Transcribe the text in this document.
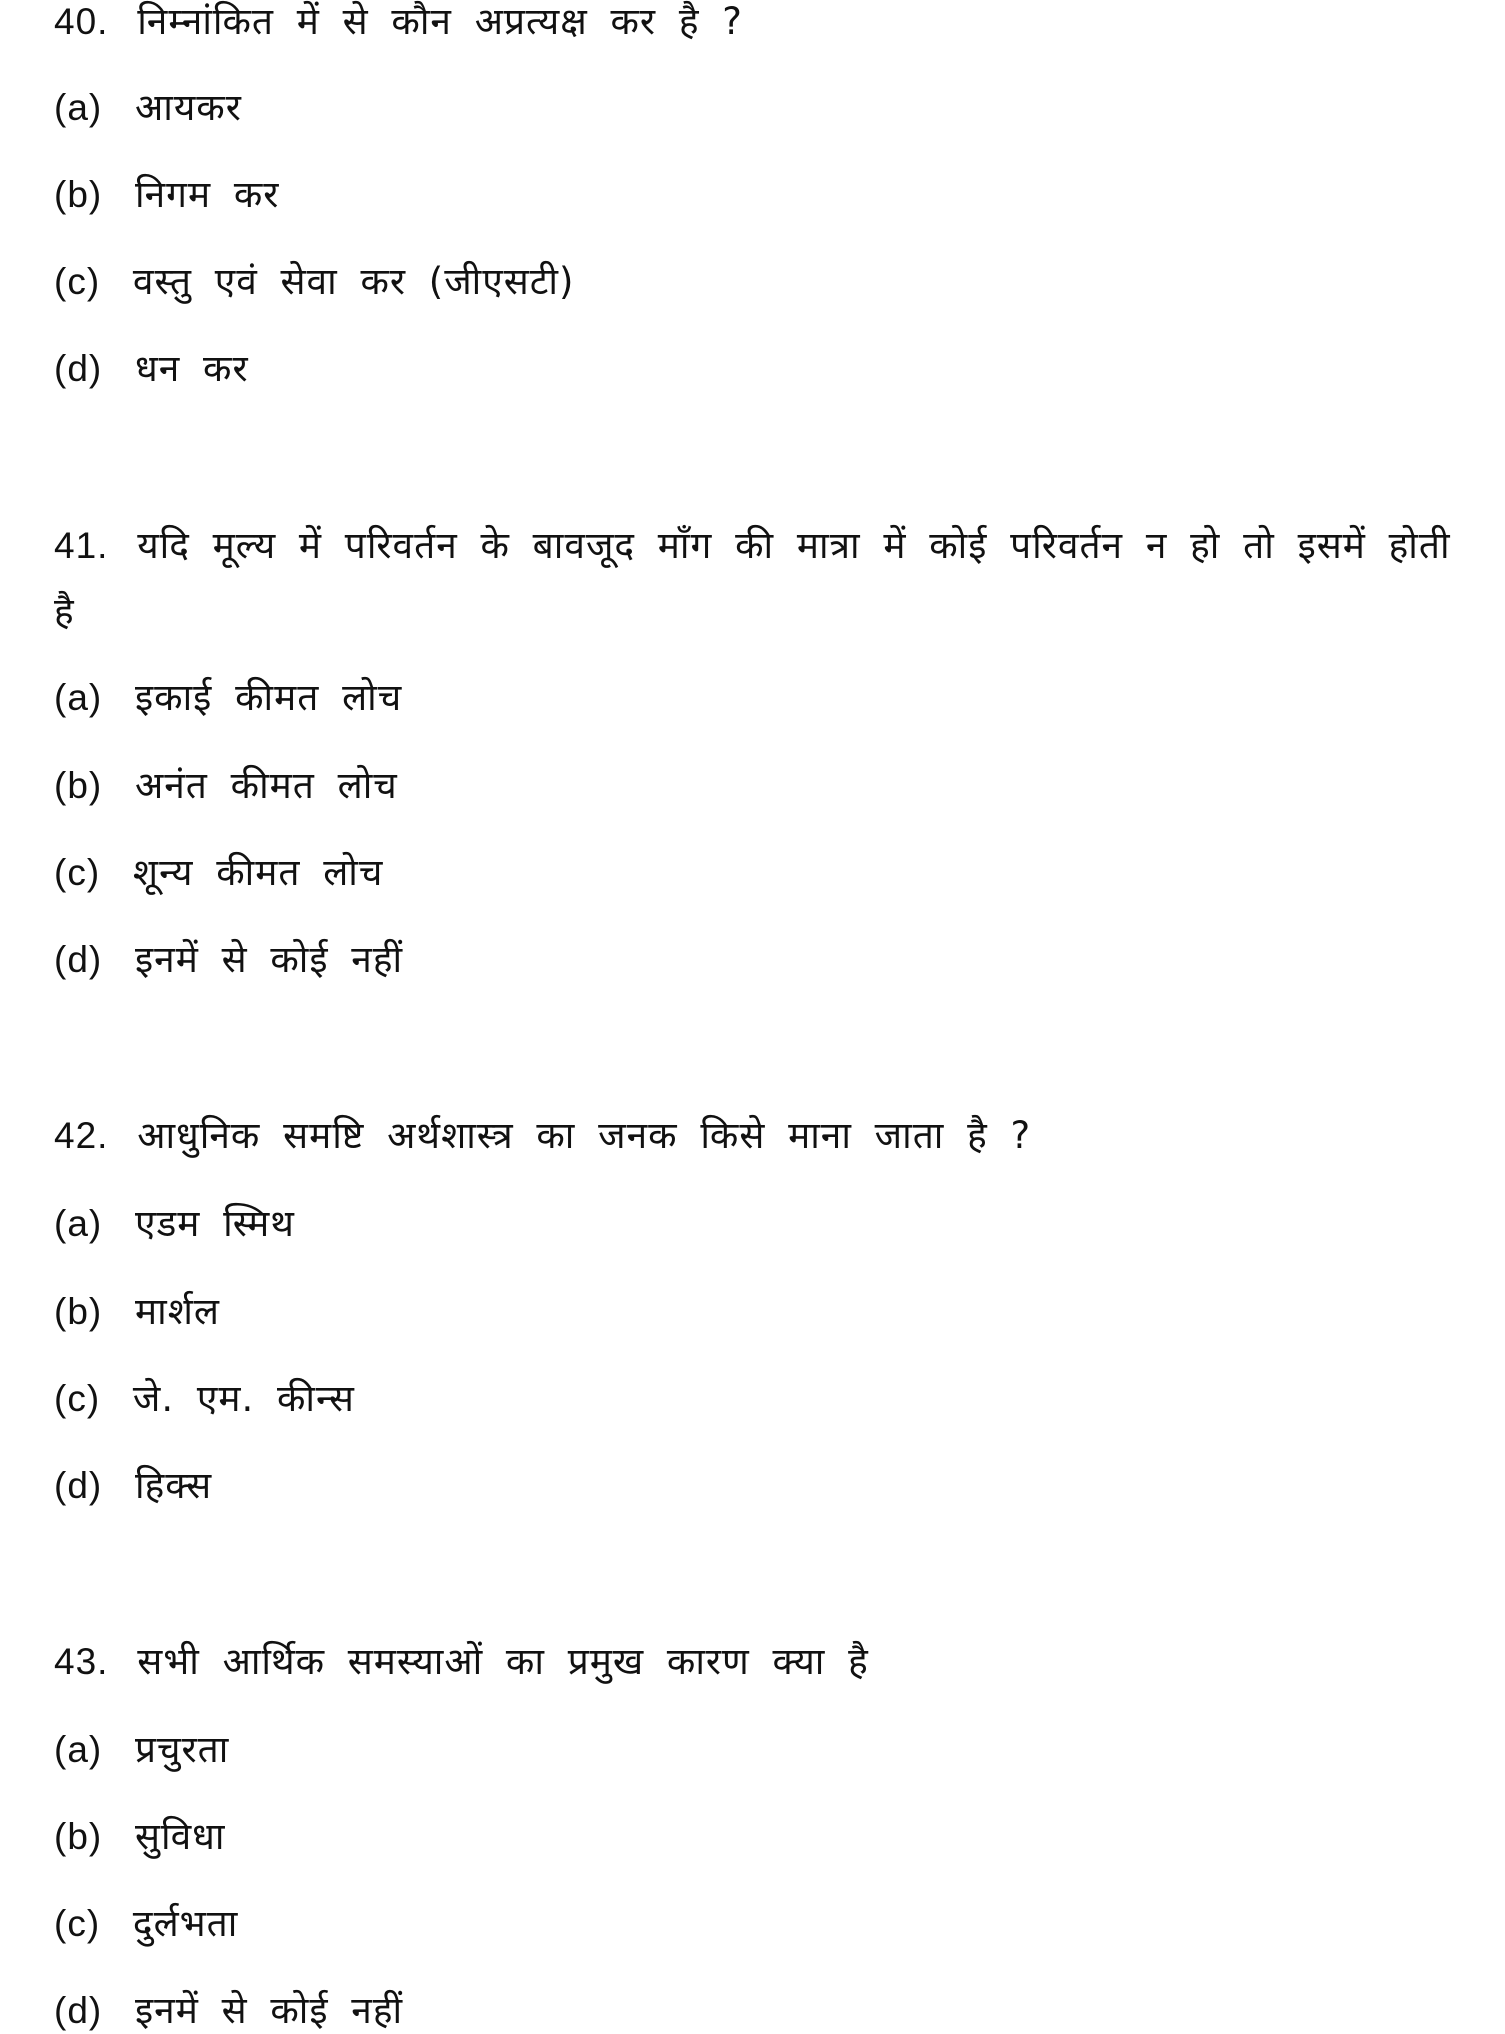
40. निम्नांकित में से कौन अप्रत्यक्ष कर है ?
(a) आयकर
(b) निगम कर
(c) वस्तु एवं सेवा कर (जीएसटी)
(d) धन कर
41. यदि मूल्य में परिवर्तन के बावजूद माँग की मात्रा में कोई परिवर्तन न हो तो इसमें होती है
(a) इकाई कीमत लोच
(b) अनंत कीमत लोच
(c) शून्य कीमत लोच
(d) इनमें से कोई नहीं
42. आधुनिक समष्टि अर्थशास्त्र का जनक किसे माना जाता है ?
(a) एडम स्मिथ
(b) मार्शल
(c) जे. एम. कीन्स
(d) हिक्स
43. सभी आर्थिक समस्याओं का प्रमुख कारण क्या है
(a) प्रचुरता
(b) सुविधा
(c) दुर्लभता
(d) इनमें से कोई नहीं
